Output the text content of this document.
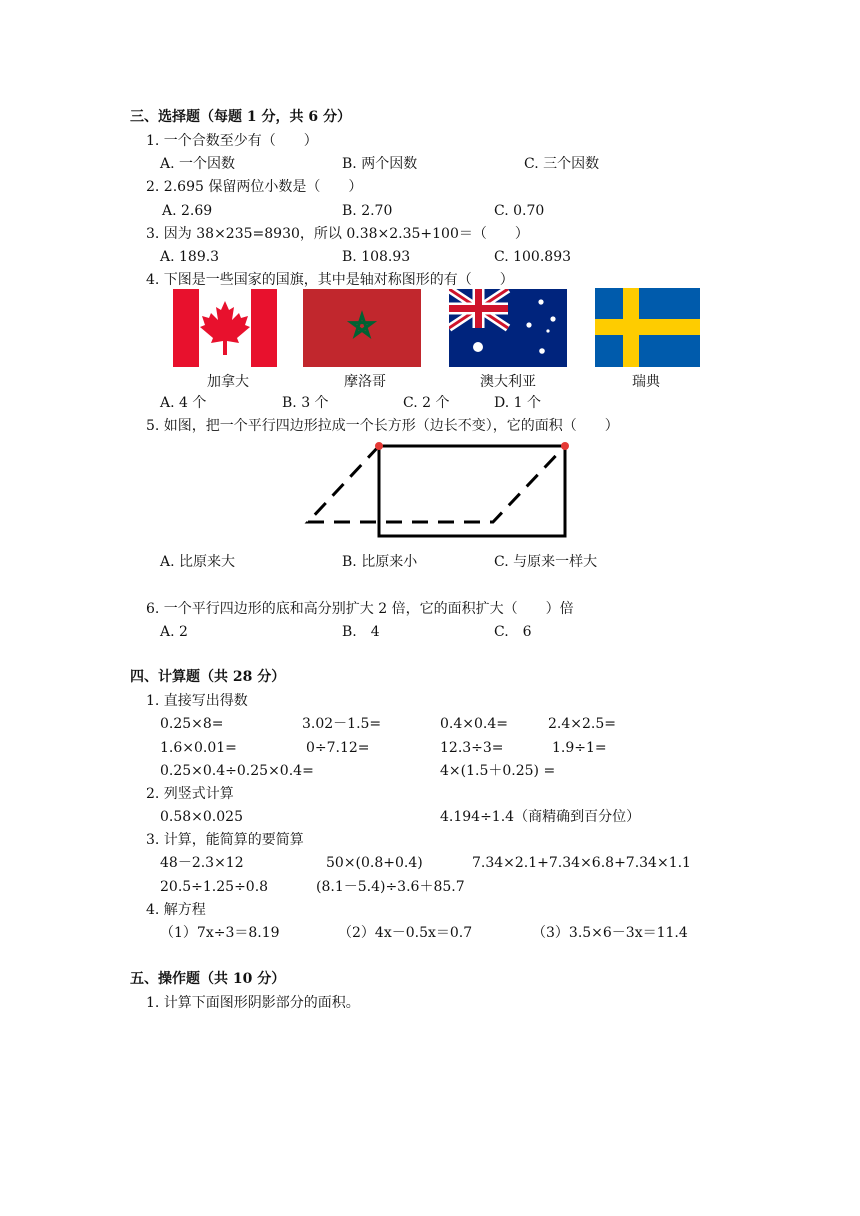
三、选择题（每题 1 分，共 6 分）
1. 一个合数至少有（　　）
A. 一个因数	B. 两个因数	C. 三个因数
2. 2.695 保留两位小数是（　　）
A. 2.69	B. 2.70	C. 0.70
3. 因为 38×235=8930，所以 0.38×2.35+100＝（　　）
A. 189.3	B. 108.93	C. 100.893
4. 下图是一些国家的国旗，其中是轴对称图形的有（　　）
加拿大	摩洛哥	澳大利亚	瑞典
A. 4 个	B. 3 个	C. 2 个	D. 1 个
5. 如图，把一个平行四边形拉成一个长方形（边长不变），它的面积（　　）
A. 比原来大	B. 比原来小	C. 与原来一样大
6. 一个平行四边形的底和高分别扩大 2 倍，它的面积扩大（　　）倍
A. 2	B.　4	C.　6
四、计算题（共 28 分）
1. 直接写出得数
0.25×8=	3.02－1.5=	0.4×0.4=	2.4×2.5=
1.6×0.01=	0÷7.12=	12.3÷3=	1.9÷1=
0.25×0.4÷0.25×0.4=	4×(1.5＋0.25) =
2. 列竖式计算
0.58×0.025	4.194÷1.4（商精确到百分位）
3. 计算，能简算的要简算
48－2.3×12	50×(0.8+0.4)	7.34×2.1+7.34×6.8+7.34×1.1
20.5÷1.25÷0.8	(8.1－5.4)÷3.6＋85.7
4. 解方程
（1）7x÷3＝8.19	（2）4x－0.5x＝0.7	（3）3.5×6－3x＝11.4
五、操作题（共 10 分）
1. 计算下面图形阴影部分的面积。
